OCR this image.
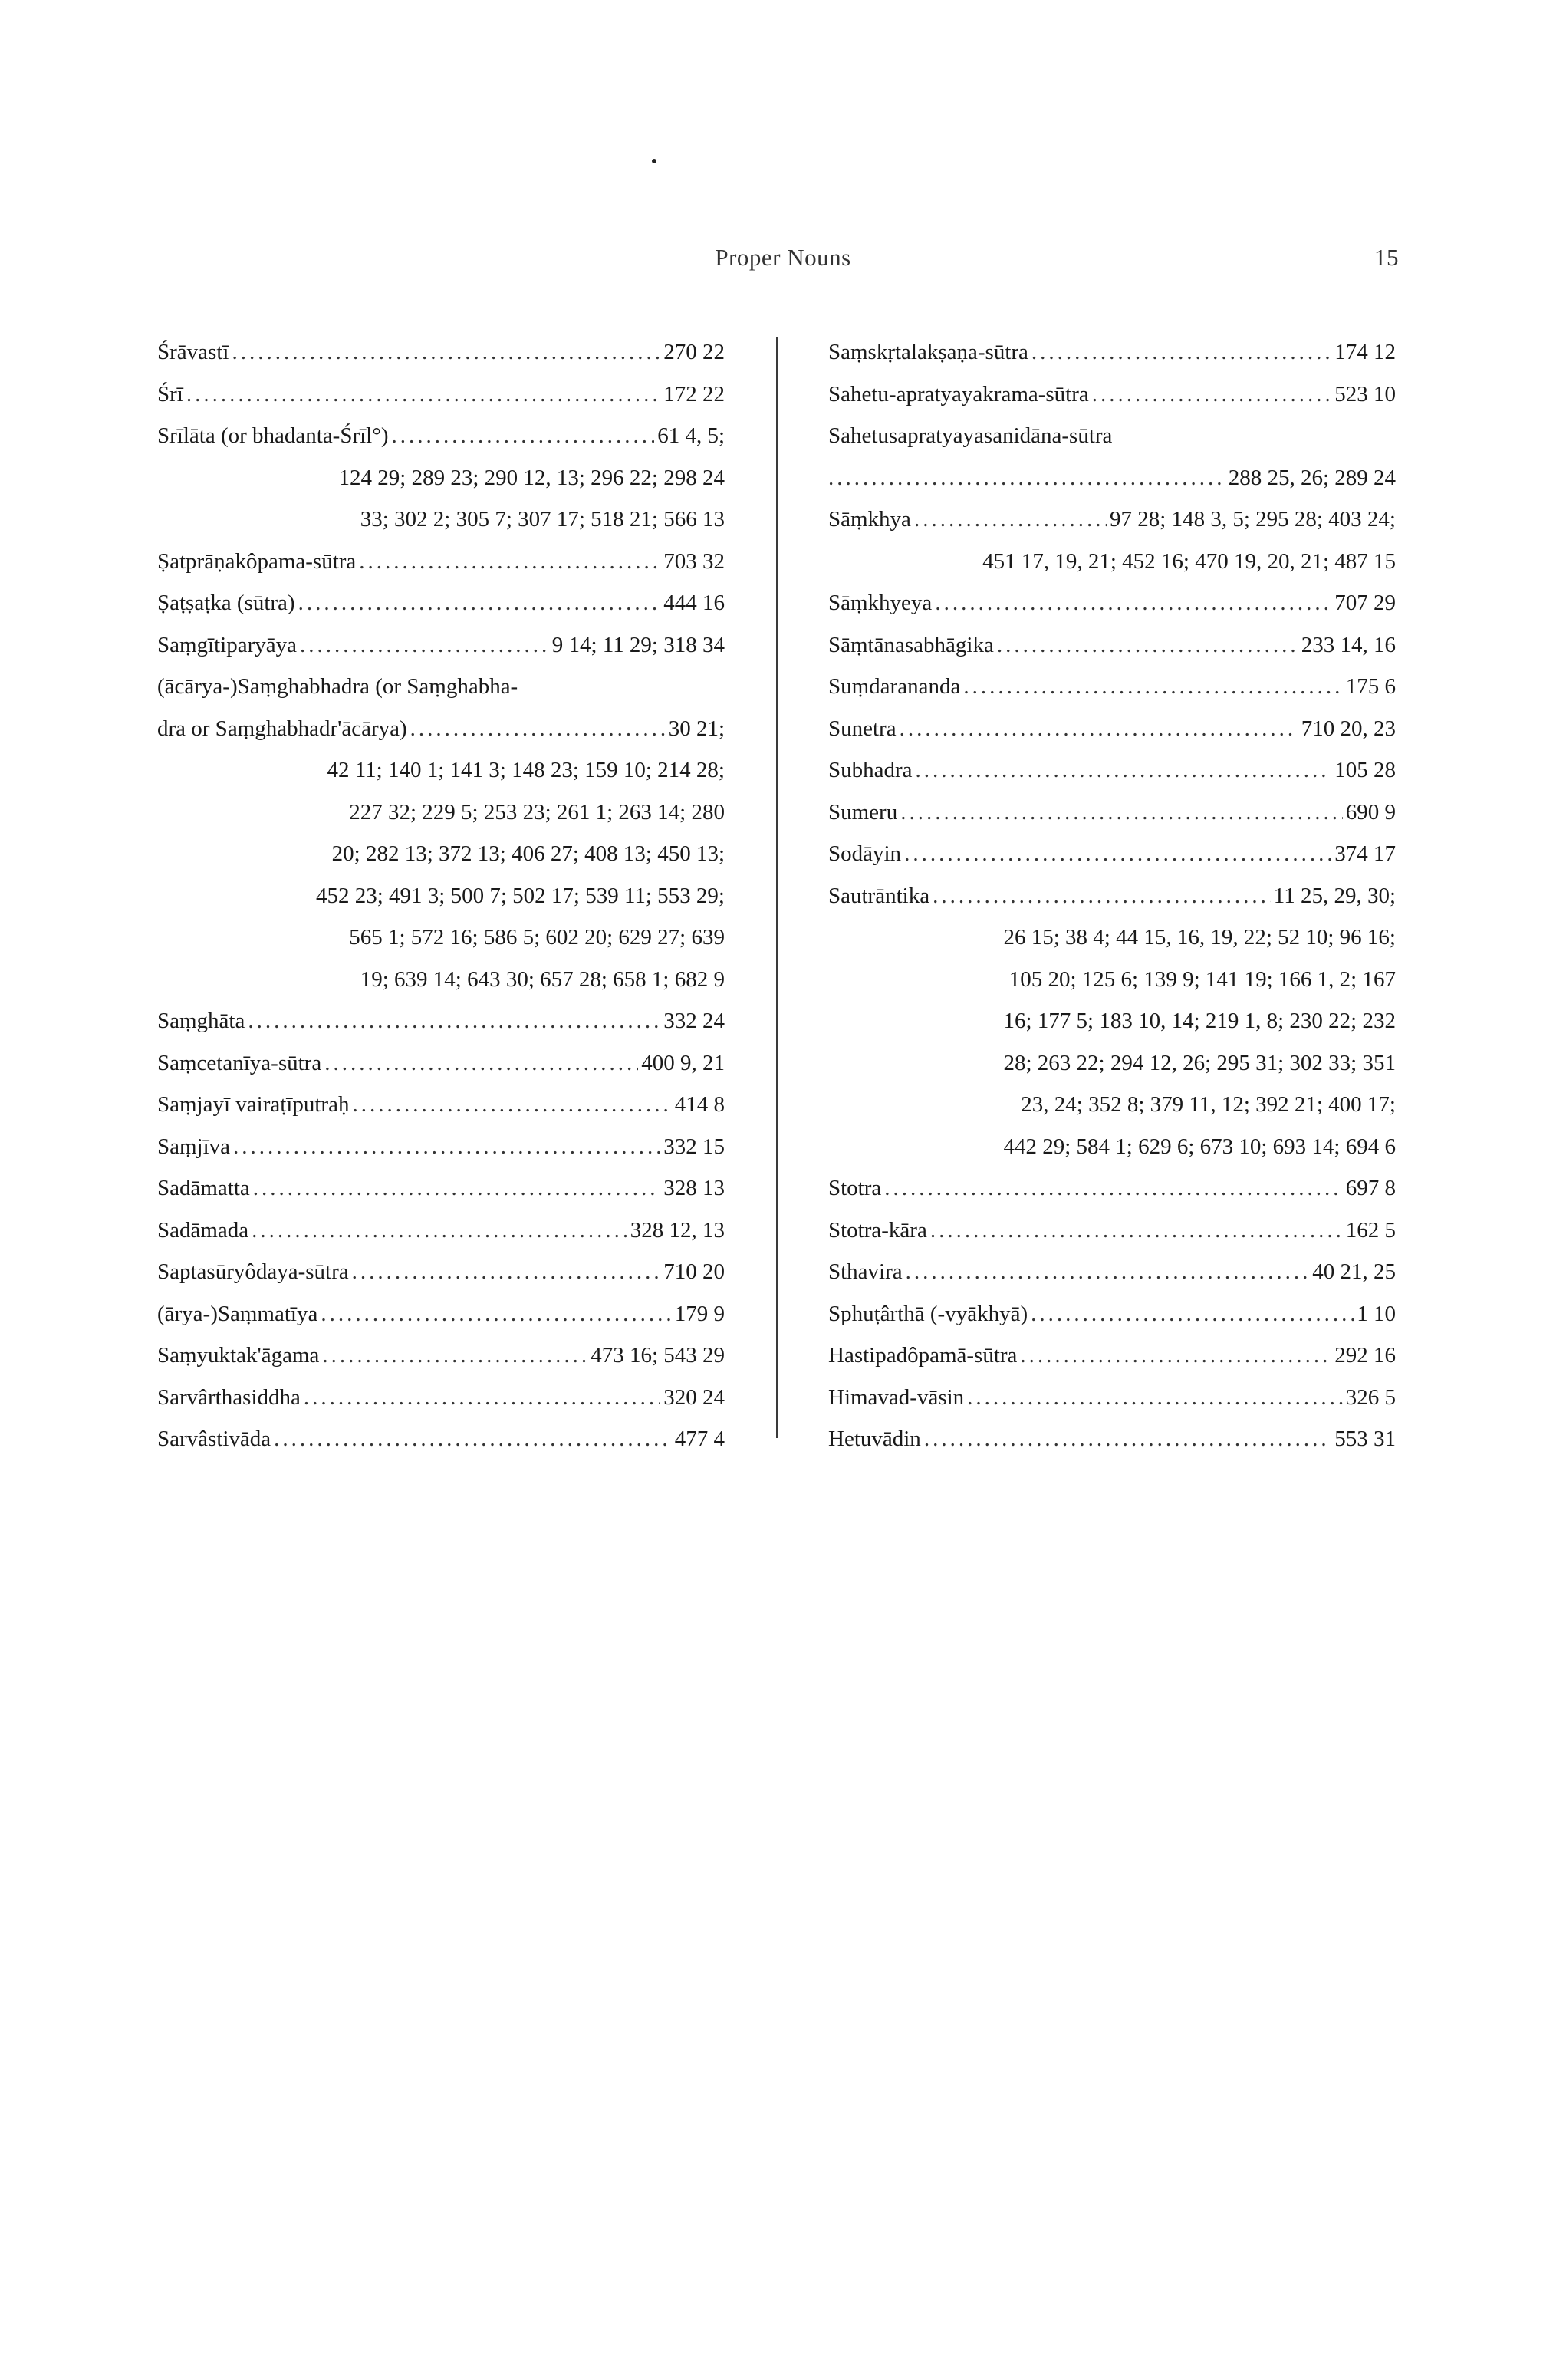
Proper Nouns	15
Śrāvastī .....	270 22
Śrī .....	172 22
Srīlāta (or bhadanta-Śrīl°) .....	61 4, 5;
124 29; 289 23; 290 12, 13; 296 22; 298 24
33; 302 2; 305 7; 307 17; 518 21; 566 13
Ṣatprāṇakôpama-sūtra .....	703 32
Ṣaṭṣaṭka (sūtra) .....	444 16
Saṃgītiparyāya .....	9 14; 11 29; 318 34
(ācārya-)Saṃghabhadra (or Saṃghabha-
dra or Saṃghabhadr'ācārya) .....	30 21;
42 11; 140 1; 141 3; 148 23; 159 10; 214 28;
227 32; 229 5; 253 23; 261 1; 263 14; 280
20; 282 13; 372 13; 406 27; 408 13; 450 13;
452 23; 491 3; 500 7; 502 17; 539 11; 553 29;
565 1; 572 16; 586 5; 602 20; 629 27; 639
19; 639 14; 643 30; 657 28; 658 1; 682 9
Saṃghāta .....	332 24
Saṃcetanīya-sūtra .....	400 9, 21
Saṃjayī vairaṭīputraḥ .....	414 8
Saṃjīva .....	332 15
Sadāmatta .....	328 13
Sadāmada .....	328 12, 13
Saptasūryôdaya-sūtra .....	710 20
(ārya-)Saṃmatīya .....	179 9
Saṃyuktak'āgama .....	473 16; 543 29
Sarvârthasiddha .....	320 24
Sarvâstivāda .....	477 4
Saṃskṛtalakṣaṇa-sūtra .....	174 12
Sahetu-apratyayakrama-sūtra .....	523 10
Sahetusapratyayasanidāna-sūtra
.....
288 25, 26; 289 24
Sāṃkhya .....	97 28; 148 3, 5; 295 28; 403 24;
451 17, 19, 21; 452 16; 470 19, 20, 21; 487 15
Sāṃkhyeya .....	707 29
Sāṃtānasabhāgika .....	233 14, 16
Suṃdarananda .....	175 6
Sunetra .....	710 20, 23
Subhadra .....	105 28
Sumeru .....	690 9
Sodāyin .....	374 17
Sautrāntika .....	11 25, 29, 30;
26 15; 38 4; 44 15, 16, 19, 22; 52 10; 96 16;
105 20; 125 6; 139 9; 141 19; 166 1, 2; 167
16; 177 5; 183 10, 14; 219 1, 8; 230 22; 232
28; 263 22; 294 12, 26; 295 31; 302 33; 351
23, 24; 352 8; 379 11, 12; 392 21; 400 17;
442 29; 584 1; 629 6; 673 10; 693 14; 694 6
Stotra .....	697 8
Stotra-kāra .....	162 5
Sthavira .....	40 21, 25
Sphuṭârthā (-vyākhyā) .....	1 10
Hastipadôpamā-sūtra .....	292 16
Himavad-vāsin .....	326 5
Hetuvādin .....	553 31
